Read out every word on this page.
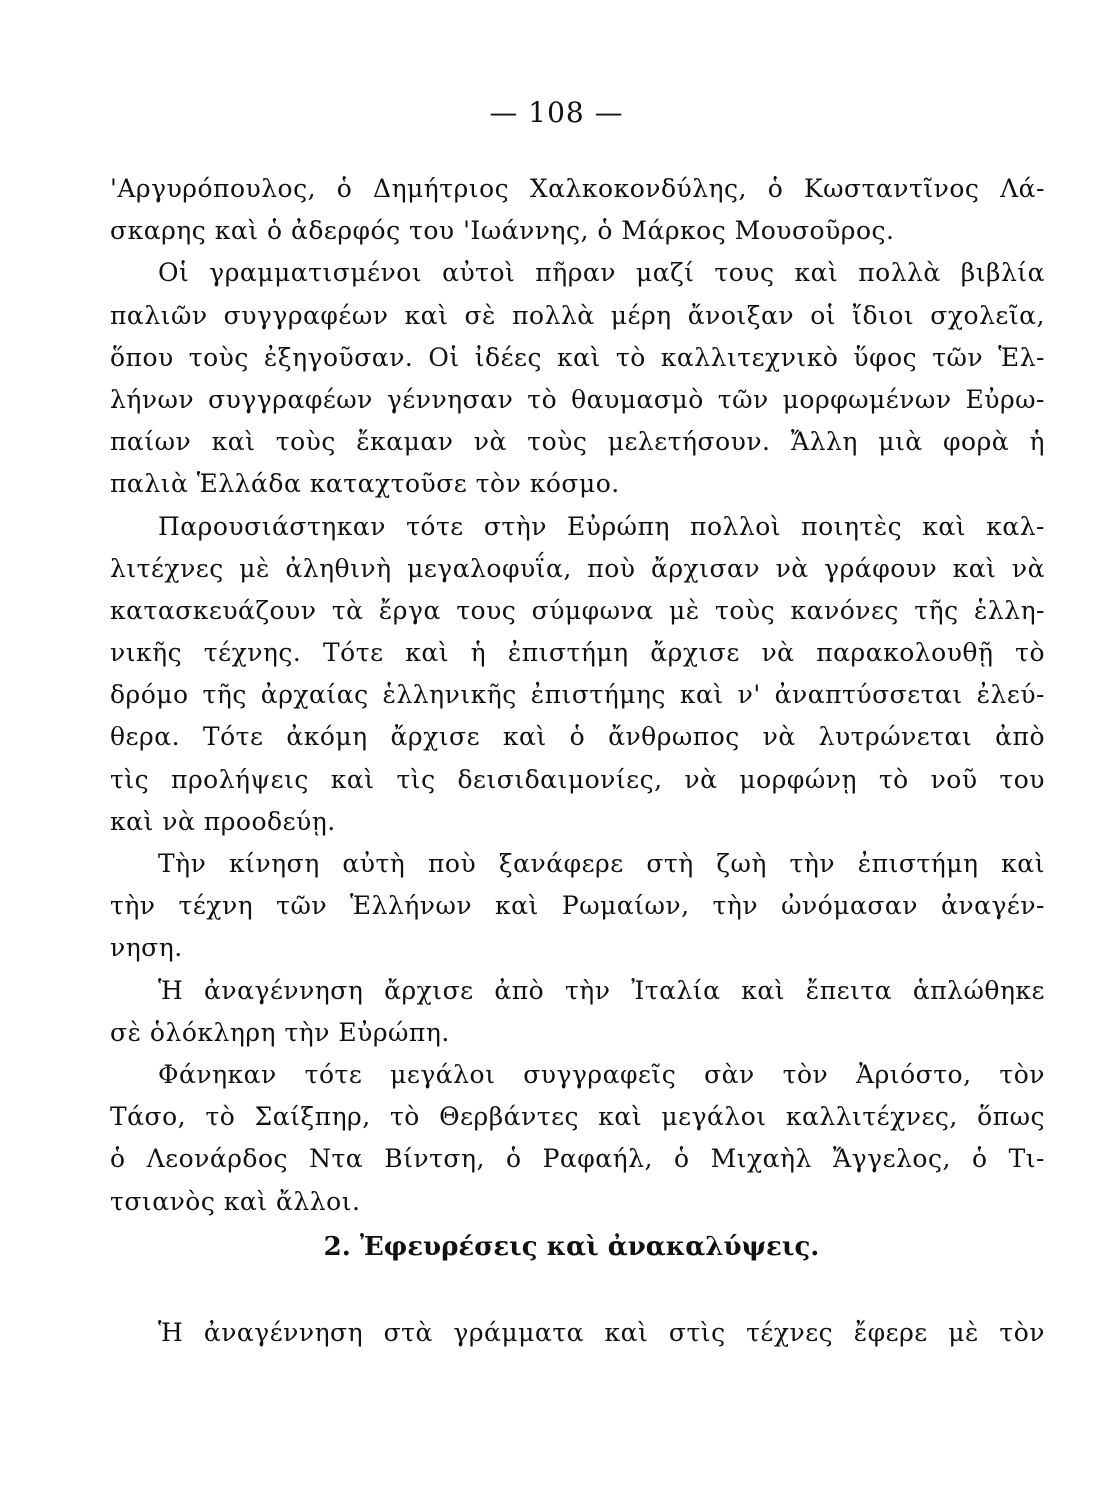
— 108 —
'Αργυρόπουλος, ὁ Δημήτριος Χαλκοκονδύλης, ὁ Κωσταντῖνος Λά-
σκαρης καὶ ὁ ἀδερφός του 'Ιωάννης, ὁ Μάρκος Μουσοῦρος.
Οἱ γραμματισμένοι αὐτοὶ πῆραν μαζί τους καὶ πολλὰ βιβλία
παλιῶν συγγραφέων καὶ σὲ πολλὰ μέρη ἄνοιξαν οἱ ἴδιοι σχολεῖα,
ὅπου τοὺς ἐξηγοῦσαν. Οἱ ἰδέες καὶ τὸ καλλιτεχνικὸ ὕφος τῶν Ἑλ-
λήνων συγγραφέων γέννησαν τὸ θαυμασμὸ τῶν μορφωμένων Εὐρω-
παίων καὶ τοὺς ἔκαμαν νὰ τοὺς μελετήσουν. Ἄλλη μιὰ φορὰ ἡ
παλιὰ Ἑλλάδα καταχτοῦσε τὸν κόσμο.
Παρουσιάστηκαν τότε στὴν Εὐρώπη πολλοὶ ποιητὲς καὶ καλ-
λιτέχνες μὲ ἀληθινὴ μεγαλοφυΐα, ποὺ ἄρχισαν νὰ γράφουν καὶ νὰ
κατασκευάζουν τὰ ἔργα τους σύμφωνα μὲ τοὺς κανόνες τῆς ἑλλη-
νικῆς τέχνης. Τότε καὶ ἡ ἐπιστήμη ἄρχισε νὰ παρακολουθῇ τὸ
δρόμο τῆς ἀρχαίας ἑλληνικῆς ἐπιστήμης καὶ ν' ἀναπτύσσεται ἐλεύ-
θερα. Τότε ἀκόμη ἄρχισε καὶ ὁ ἄνθρωπος νὰ λυτρώνεται ἀπὸ
τὶς προλήψεις καὶ τὶς δεισιδαιμονίες, νὰ μορφώνῃ τὸ νοῦ του
καὶ νὰ προοδεύῃ.
Τὴν κίνηση αὐτὴ ποὺ ξανάφερε στὴ ζωὴ τὴν ἐπιστήμη καὶ
τὴν τέχνη τῶν Ἑλλήνων καὶ Ρωμαίων, τὴν ὠνόμασαν ἀναγέν-
νηση.
Ἡ ἀναγέννηση ἄρχισε ἀπὸ τὴν Ἰταλία καὶ ἔπειτα ἁπλώθηκε
σὲ ὁλόκληρη τὴν Εὐρώπη.
Φάνηκαν τότε μεγάλοι συγγραφεῖς σὰν τὸν Ἀριόστο, τὸν
Τάσο, τὸ Σαίξπηρ, τὸ Θερβάντες καὶ μεγάλοι καλλιτέχνες, ὅπως
ὁ Λεονάρδος Ντα Βίντση, ὁ Ραφαήλ, ὁ Μιχαὴλ Ἄγγελος, ὁ Τι-
τσιανὸς καὶ ἄλλοι.
2. Ἐφευρέσεις καὶ ἀνακαλύψεις.
Ἡ ἀναγέννηση στὰ γράμματα καὶ στὶς τέχνες ἔφερε μὲ τὸν
